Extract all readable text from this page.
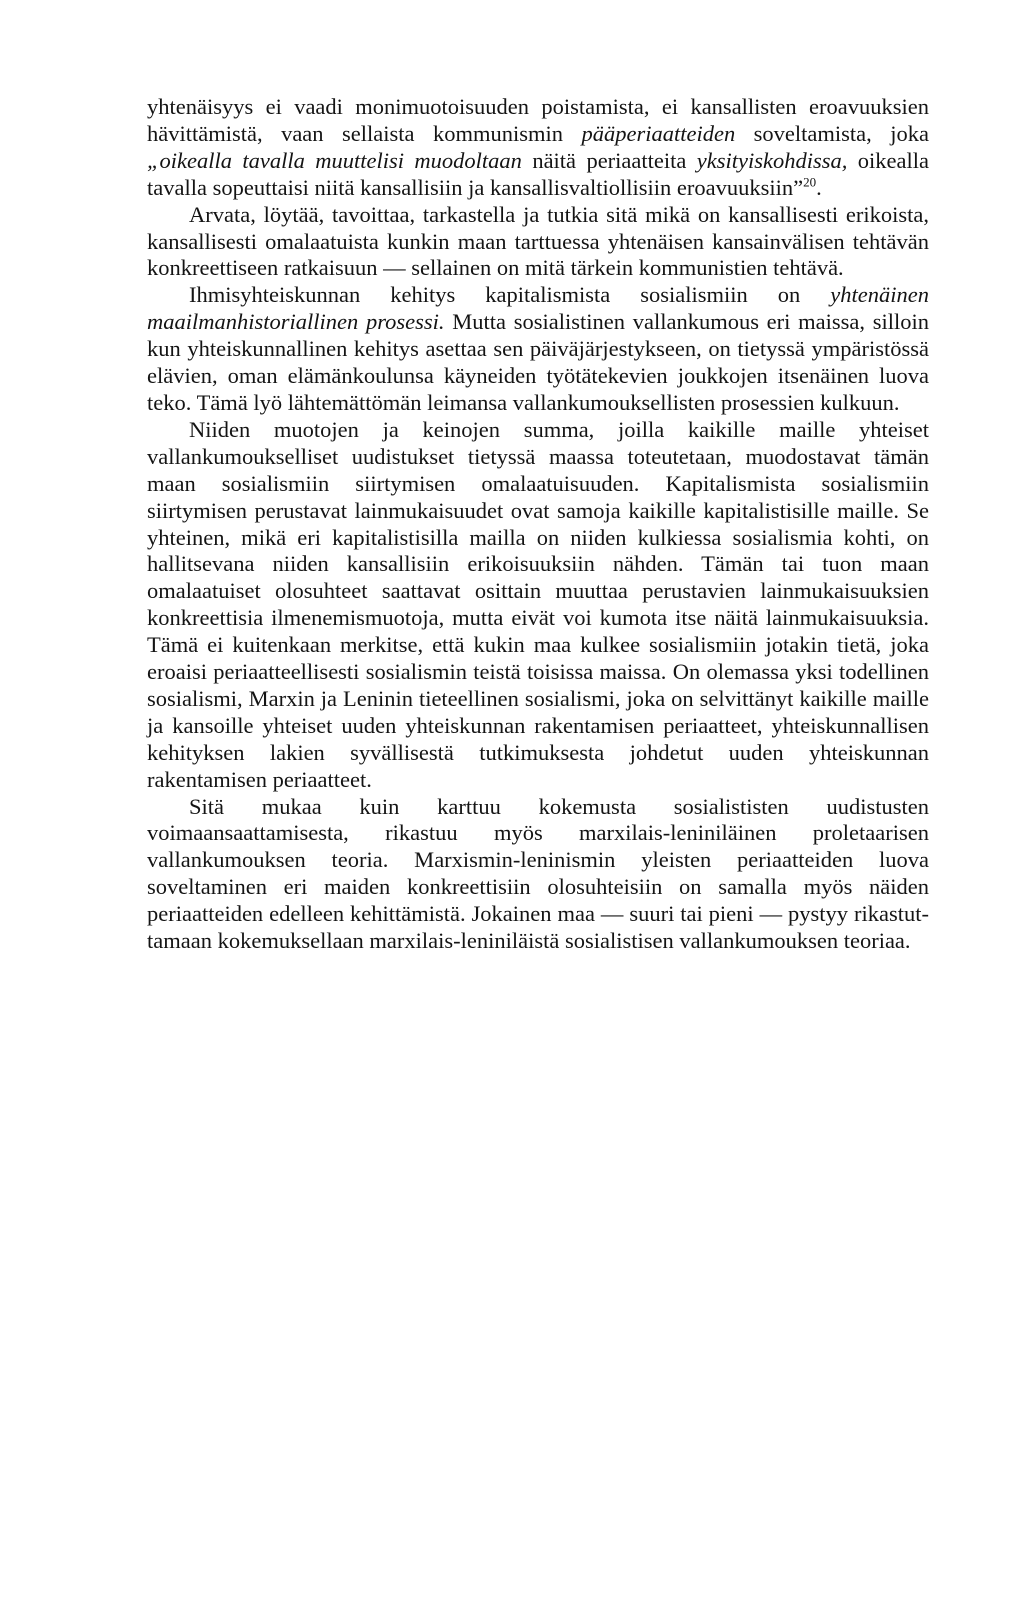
yhtenäisyys ei vaadi monimuotoisuuden poistamista, ei kansallisten eroavuuksien hävittämistä, vaan sellaista kommunismin pääperiaatteiden soveltamista, joka „oikealla tavalla muuttelisi muodoltaan näitä periaatteita yksityiskohdissa, oikealla tavalla sopeuttaisi niitä kansallisiin ja kansallisvaltiollisiin eroavuuksiin”$^{20}$.

Arvata, löytää, tavoittaa, tarkastella ja tutkia sitä mikä on kansallisesti erikoista, kansallisesti omalaatuista kunkin maan tarttuessa yhtenäisen kansainvälisen tehtävän konkreettiseen ratkaisuun — sellainen on mitä tärkein kommunistien tehtävä.

Ihmisyhteiskunnan kehitys kapitalismista sosialismiin on yhtenäinen maailmanhistoriallinen prosessi. Mutta sosialistinen vallankumous eri maissa, silloin kun yhteiskunnallinen kehitys asettaa sen päiväjärjestykseen, on tietyssä ympäristössä elävien, oman elämänkoulunsa käyneiden työtätekevien joukkojen itsenäinen luova teko. Tämä lyö lähtemättömän leimansa vallankumouksellisten prosessien kulkuun.

Niiden muotojen ja keinojen summa, joilla kaikille maille yhteiset vallankumoukselliset uudistukset tietyssä maassa toteutetaan, muodostavat tämän maan sosialismiin siirtymisen omalaatuisuuden. Kapitalismista sosialismiin siirtymisen perustavat lainmukaisuudet ovat samoja kaikille kapitalistisille maille. Se yhteinen, mikä eri kapitalistisilla mailla on niiden kulkiessa sosialismia kohti, on hallitsevana niiden kansallisiin erikoisuuksiin nähden. Tämän tai tuon maan omalaatuiset olosuhteet saattavat osittain muuttaa perustavien lainmukaisuuksien konkreettisia ilmenemismuotoja, mutta eivät voi kumota itse näitä lainmukaisuuksia. Tämä ei kuitenkaan merkitse, että kukin maa kulkee sosialismiin jotakin tietä, joka eroaisi periaatteellisesti sosialismin teistä toisissa maissa. On olemassa yksi todellinen sosialismi, Marxin ja Leninin tieteellinen sosialismi, joka on selvittänyt kaikille maille ja kansoille yhteiset uuden yhteiskunnan rakentamisen periaatteet, yhteiskunnallisen kehityksen lakien syvällisestä tutkimuksesta johdetut uuden yhteiskunnan rakentamisen periaatteet.

Sitä mukaa kuin karttuu kokemusta sosialististen uudistusten voimaansaattamisesta, rikastuu myös marxilais-leniniläinen proletaarisen vallankumouksen teoria. Marxismin-leninismin yleisten periaatteiden luova soveltaminen eri maiden konkreettisiin olosuhteisiin on samalla myös näiden periaatteiden edelleen kehittämistä. Jokainen maa — suuri tai pieni — pystyy rikastuttamaan kokemuksellaan marxilais-leniniläistä sosialistisen vallankumouksen teoriaa.
